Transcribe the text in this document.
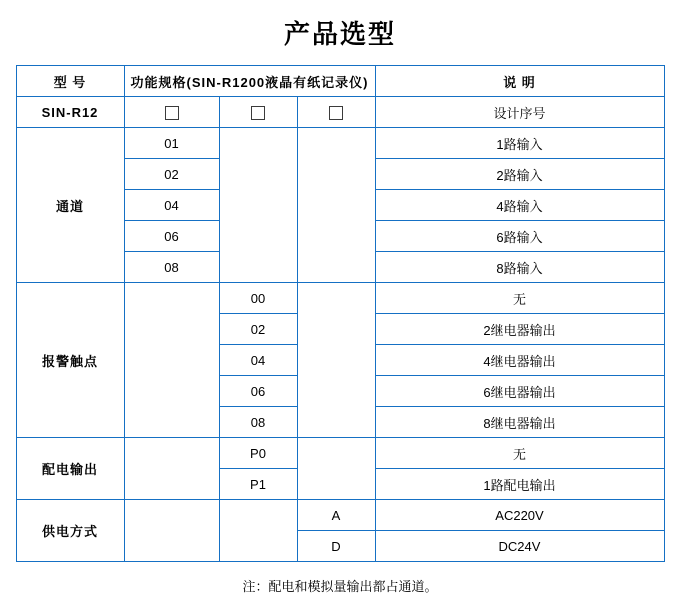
产品选型
型 号	功能规格(SIN-R1200液晶有纸记录仪)			说 明
SIN-R12				设计序号
通道	01			1路输入
	02			2路输入
	04			4路输入
	06			6路输入
	08			8路输入
报警触点		00		无
		02		2继电器输出
		04		4继电器输出
		06		6继电器输出
		08		8继电器输出
配电输出		P0		无
		P1		1路配电输出
供电方式			A	AC220V
			D	DC24V
注：配电和模拟量输出都占通道。
